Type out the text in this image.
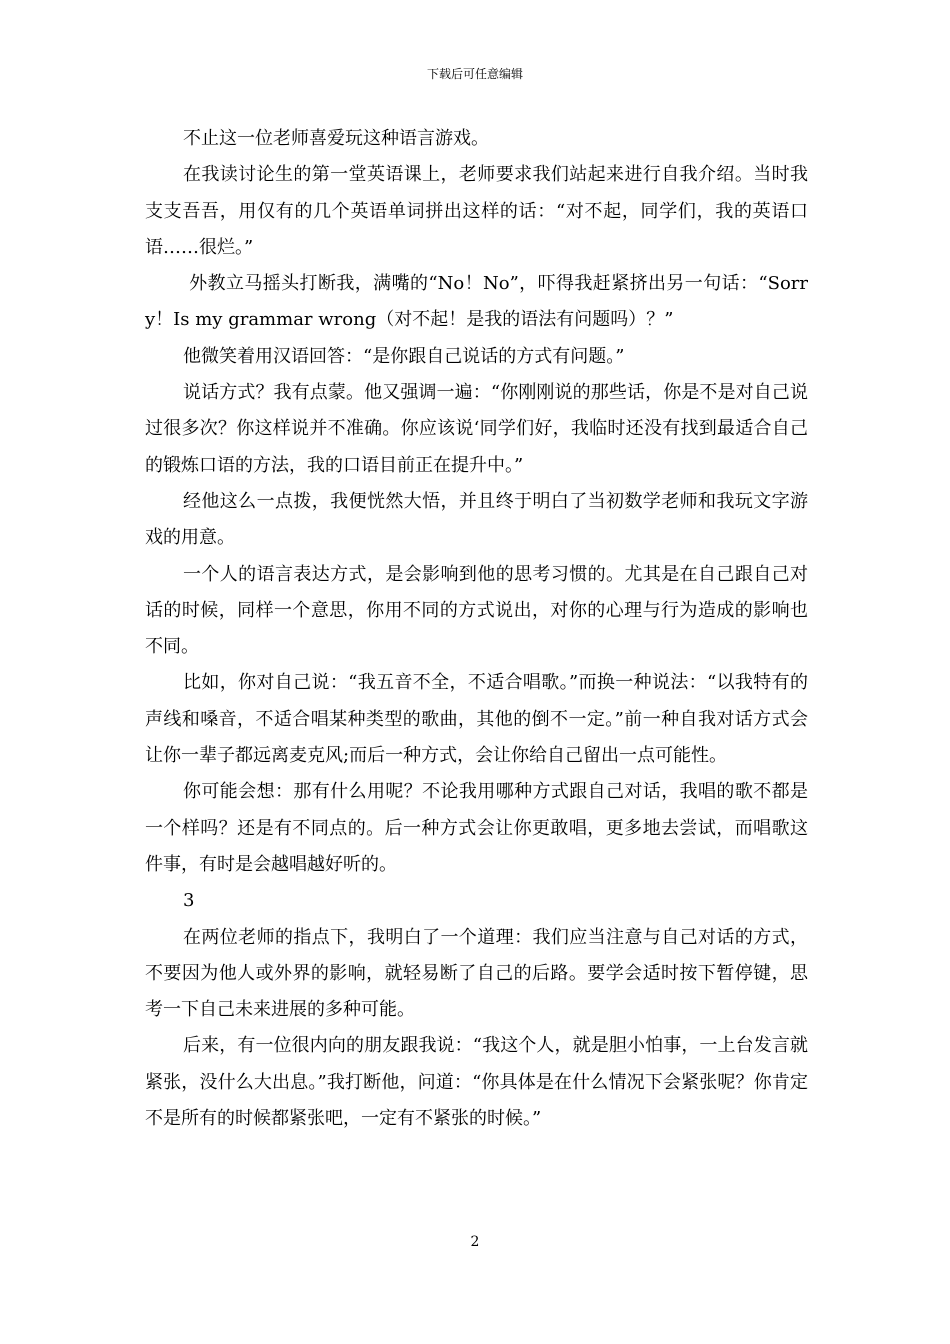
下载后可任意编辑

不止这一位老师喜爱玩这种语言游戏。

在我读讨论生的第一堂英语课上，老师要求我们站起来进行自我介绍。当时我支支吾吾，用仅有的几个英语单词拼出这样的话：“对不起，同学们，我的英语口语……很烂。”

外教立马摇头打断我，满嘴的“No！No”，吓得我赶紧挤出另一句话：“Sorry！Is my grammar wrong（对不起！是我的语法有问题吗）？”

他微笑着用汉语回答：“是你跟自己说话的方式有问题。”

说话方式？我有点蒙。他又强调一遍：“你刚刚说的那些话，你是不是对自己说过很多次？你这样说并不准确。你应该说‘同学们好，我临时还没有找到最适合自己的锻炼口语的方法，我的口语目前正在提升中。”

经他这么一点拨，我便恍然大悟，并且终于明白了当初数学老师和我玩文字游戏的用意。

一个人的语言表达方式，是会影响到他的思考习惯的。尤其是在自己跟自己对话的时候，同样一个意思，你用不同的方式说出，对你的心理与行为造成的影响也不同。

比如，你对自己说：“我五音不全，不适合唱歌。”而换一种说法：“以我特有的声线和嗓音，不适合唱某种类型的歌曲，其他的倒不一定。”前一种自我对话方式会让你一辈子都远离麦克风;而后一种方式，会让你给自己留出一点可能性。

你可能会想：那有什么用呢？不论我用哪种方式跟自己对话，我唱的歌不都是一个样吗？还是有不同点的。后一种方式会让你更敢唱，更多地去尝试，而唱歌这件事，有时是会越唱越好听的。

3

在两位老师的指点下，我明白了一个道理：我们应当注意与自己对话的方式，不要因为他人或外界的影响，就轻易断了自己的后路。要学会适时按下暂停键，思考一下自己未来进展的多种可能。

后来，有一位很内向的朋友跟我说：“我这个人，就是胆小怕事，一上台发言就紧张，没什么大出息。”我打断他，问道：“你具体是在什么情况下会紧张呢？你肯定不是所有的时候都紧张吧，一定有不紧张的时候。”

2
